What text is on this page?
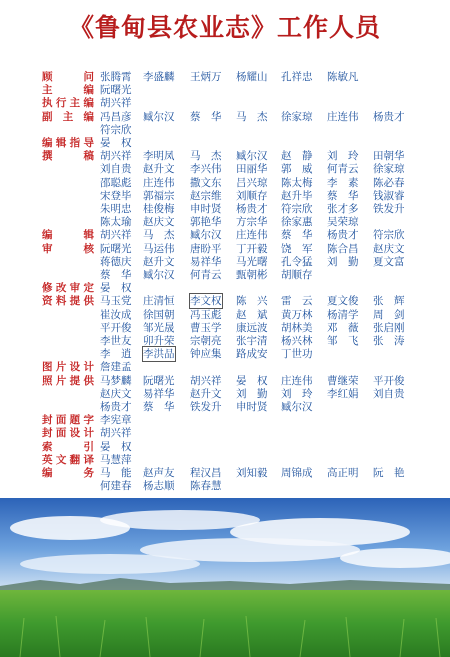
《鲁甸县农业志》工作人员
顾　　问 张腾霄 李盛麟 王炳万 杨耀山 孔祥忠 陈敏凡
主　　编 阮曙光
执行主编 胡兴祥
副 主 编 冯昌彦 臧尔汉 蔡　华 马　杰 徐家琼 庄连伟 杨贵才
符宗欣
编辑指导 晏　权
撰　　稿 胡兴祥 李明凤 马　杰 臧尔汉 赵　静 刘　玲 田朝华
刘自贵 赵升文 李兴伟 田丽华 郭　威 何青云 徐家琼
邵聪彪 庄连伟 撒文东 吕兴琼 陈太梅 李　素 陈必春
宋登毕 郭福宗 赵宗维 刘顺存 赵升毕 蔡　华 钱淑睿
朱明忠 桂俊梅 申时贤 杨贵才 符宗欣 张才多 铁发升
陈太瑜 赵庆文 郭艳华 方宗华 徐家惠 吴荣琼
编　　辑 胡兴祥 马　杰 臧尔汉 庄连伟 蔡　华 杨贵才 符宗欣
审　　核 阮曙光 马运伟 唐盼平 丁开毅 饶　军 陈合昌 赵庆文
蒋德庆 赵升文 易祥华 马光曙 孔令猛 刘　勤 夏文富
蔡　华 臧尔汉 何青云 甄朝彬 胡顺存
修改审定 晏　权
资料提供 马玉党 庄清恒 李文权 陈　兴 雷　云 夏文俊 张　辉
崔汝成 徐国朝 冯玉彪 赵　斌 黄万林 杨清学 周　剑
平开俊 邹光晟 曹玉学 康远波 胡林美 邓　薇 张启刚
李世友 卯升荣 宗朝亮 张宇清 杨兴林 邹　飞 张　涛
李　逍 李洪品 钟应集 路成安 丁世功
图片设计 詹建孟
照片提供 马梦麟 阮曙光 胡兴祥 晏　权 庄连伟 曹继荣 平开俊
赵庆文 易祥华 赵升文 刘　勤 刘　玲 李红娟 刘自贵
杨贵才 蔡　华 铁发升 申时贤 臧尔汉
封面题字 李宪章
封面设计 胡兴祥
索　　引 晏　权
英文翻译 马慧萍
编　　务 马　能 赵声友 程汉昌 刘知毅 周锦成 高正明 阮　艳
何建春 杨志顺 陈春慧
